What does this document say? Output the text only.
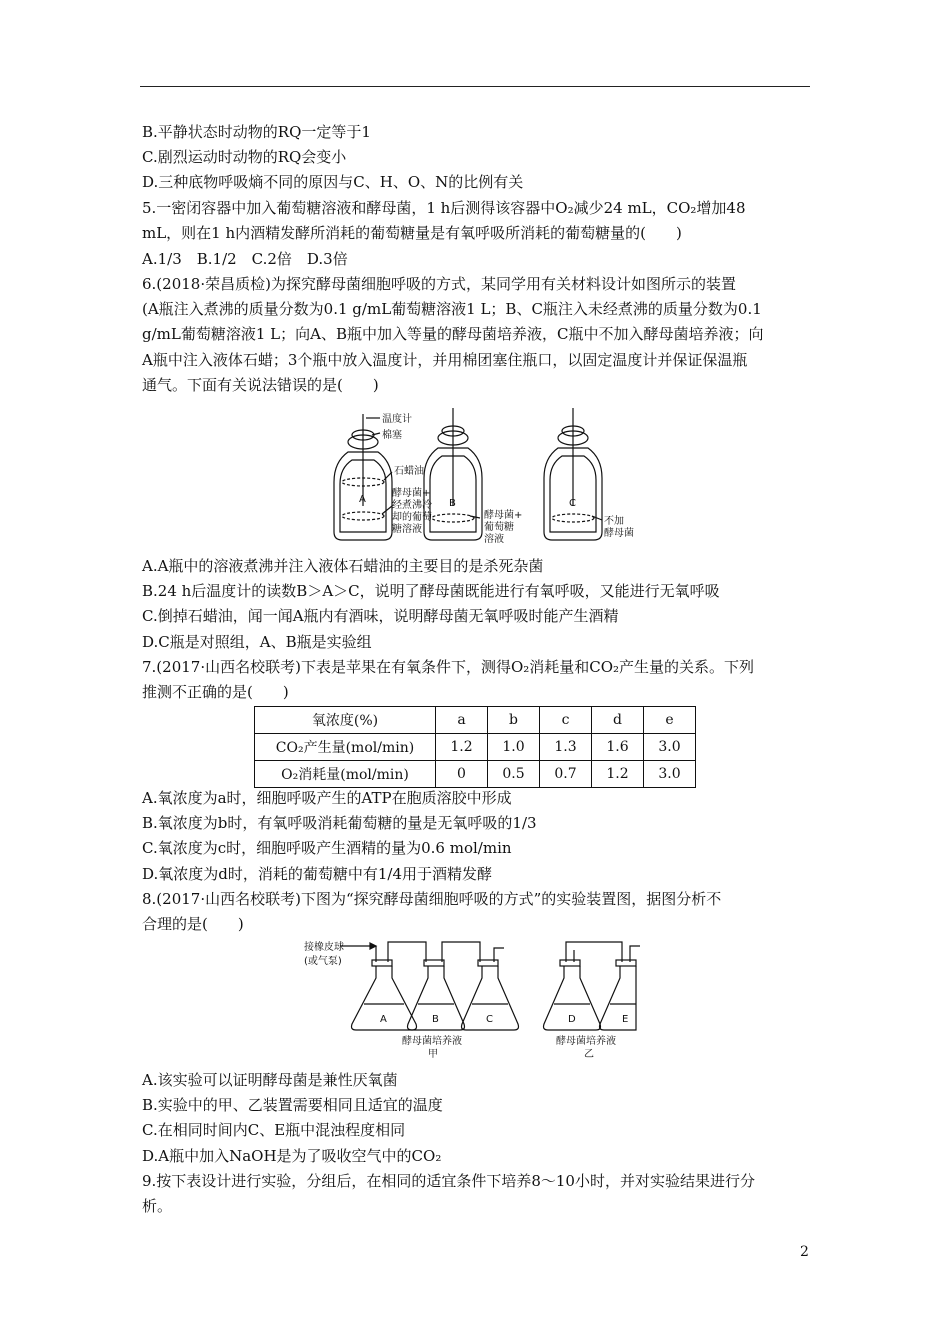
B.平静状态时动物的RQ一定等于1
C.剧烈运动时动物的RQ会变小
D.三种底物呼吸熵不同的原因与C、H、O、N的比例有关
5.一密闭容器中加入葡萄糖溶液和酵母菌，1 h后测得该容器中O₂减少24 mL，CO₂增加48
mL，则在1 h内酒精发酵所消耗的葡萄糖量是有氧呼吸所消耗的葡萄糖量的(　　)
A.1/3　B.1/2　C.2倍　D.3倍
6.(2018·荣昌质检)为探究酵母菌细胞呼吸的方式，某同学用有关材料设计如图所示的装置
(A瓶注入煮沸的质量分数为0.1 g/mL葡萄糖溶液1 L；B、C瓶注入未经煮沸的质量分数为0.1
g/mL葡萄糖溶液1 L；向A、B瓶中加入等量的酵母菌培养液，C瓶中不加入酵母菌培养液；向
A瓶中注入液体石蜡；3个瓶中放入温度计，并用棉团塞住瓶口，以固定温度计并保证保温瓶
通气。下面有关说法错误的是(　　)
温度计
棉塞
石蜡油
A	B	C
酵母菌+
经煮沸冷
却的葡萄
糖溶液
酵母菌+
葡萄糖
溶液
不加
酵母菌
A.A瓶中的溶液煮沸并注入液体石蜡油的主要目的是杀死杂菌
B.24 h后温度计的读数B＞A＞C，说明了酵母菌既能进行有氧呼吸，又能进行无氧呼吸
C.倒掉石蜡油，闻一闻A瓶内有酒味，说明酵母菌无氧呼吸时能产生酒精
D.C瓶是对照组，A、B瓶是实验组
7.(2017·山西名校联考)下表是苹果在有氧条件下，测得O₂消耗量和CO₂产生量的关系。下列
推测不正确的是(　　)
氧浓度(%)	a	b	c	d	e
CO₂产生量(mol/min)	1.2	1.0	1.3	1.6	3.0
O₂消耗量(mol/min)	0	0.5	0.7	1.2	3.0
A.氧浓度为a时，细胞呼吸产生的ATP在胞质溶胶中形成
B.氧浓度为b时，有氧呼吸消耗葡萄糖的量是无氧呼吸的1/3
C.氧浓度为c时，细胞呼吸产生酒精的量为0.6 mol/min
D.氧浓度为d时，消耗的葡萄糖中有1/4用于酒精发酵
8.(2017·山西名校联考)下图为“探究酵母菌细胞呼吸的方式”的实验装置图，据图分析不
合理的是(　　)
接橡皮球
(或气泵)
A	B	C	D	E
酵母菌培养液
甲
酵母菌培养液
乙
A.该实验可以证明酵母菌是兼性厌氧菌
B.实验中的甲、乙装置需要相同且适宜的温度
C.在相同时间内C、E瓶中混浊程度相同
D.A瓶中加入NaOH是为了吸收空气中的CO₂
9.按下表设计进行实验，分组后，在相同的适宜条件下培养8～10小时，并对实验结果进行分
析。
2
